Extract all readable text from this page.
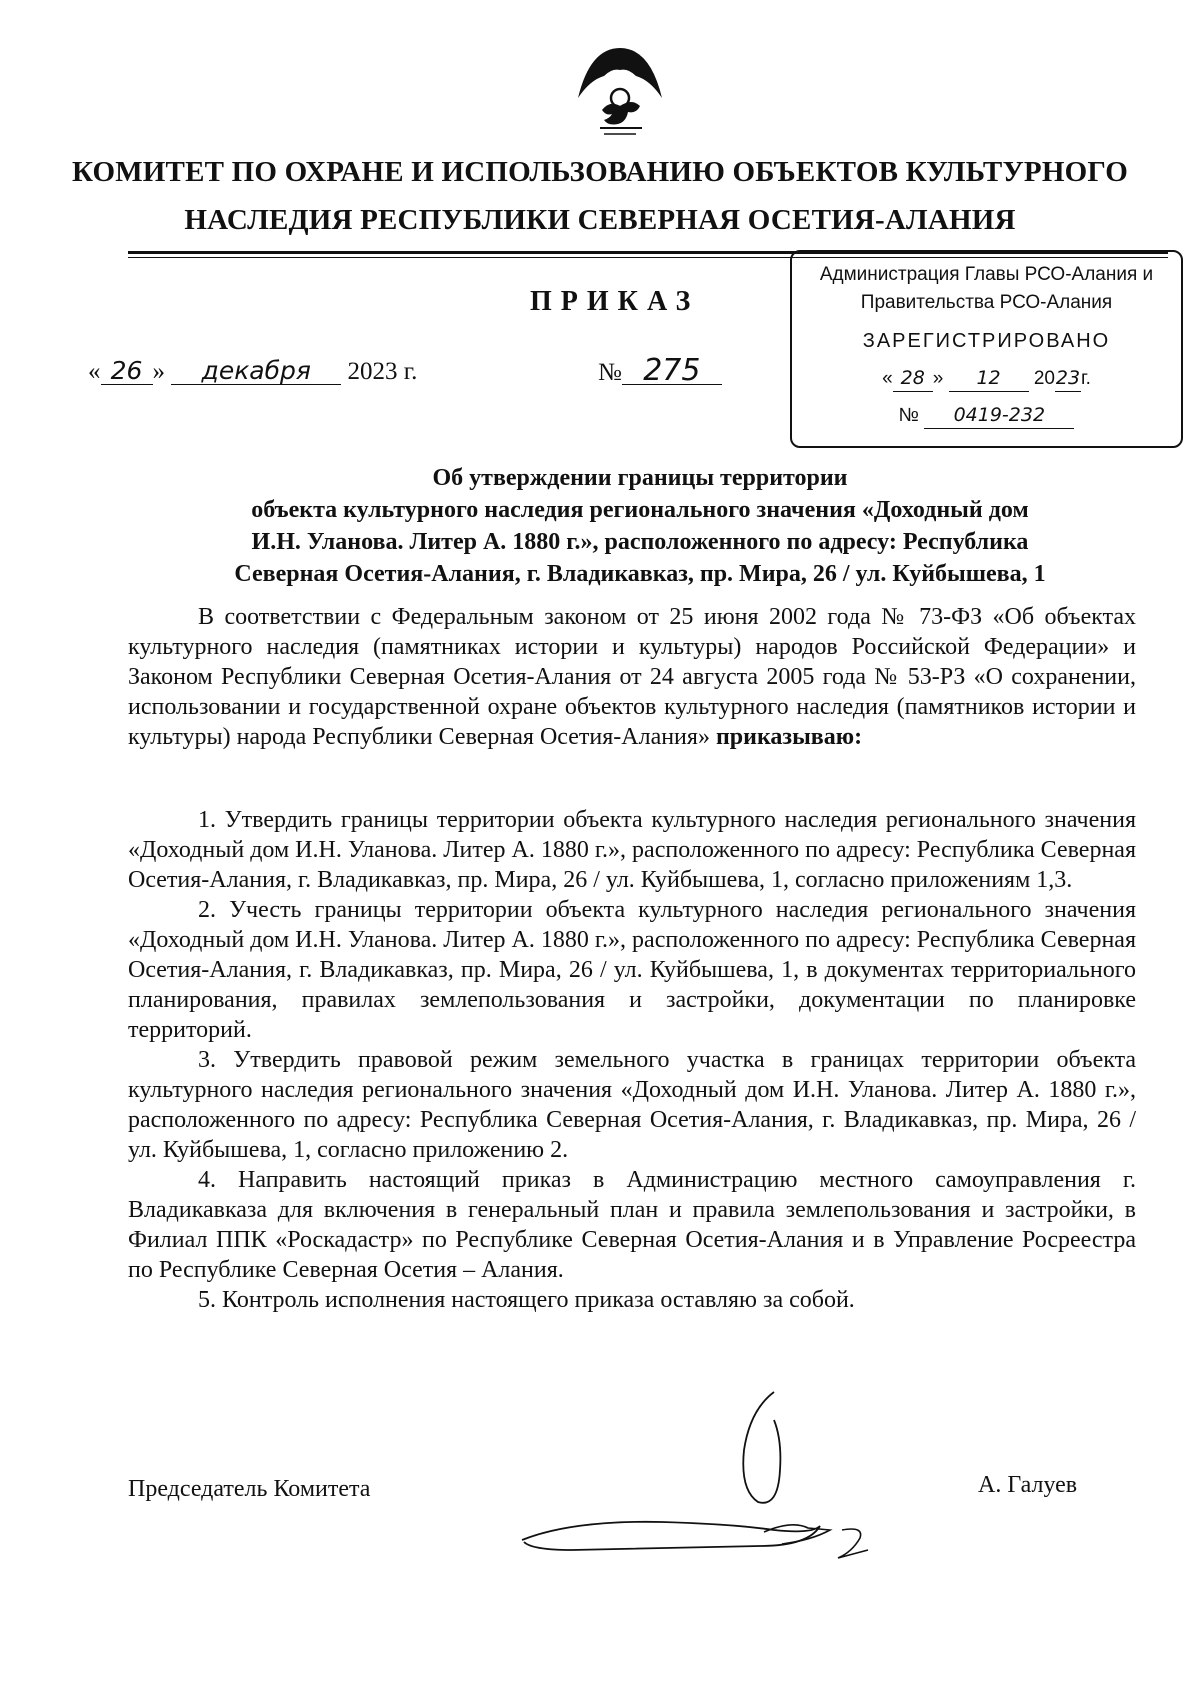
КОМИТЕТ ПО ОХРАНЕ И ИСПОЛЬЗОВАНИЮ ОБЪЕКТОВ КУЛЬТУРНОГО
НАСЛЕДИЯ РЕСПУБЛИКИ СЕВЕРНАЯ ОСЕТИЯ-АЛАНИЯ
ПРИКАЗ
« 26 » декабря 2023 г.	№ 275
Администрация Главы РСО-Алания и
Правительства РСО-Алания
ЗАРЕГИСТРИРОВАНО
« 28 » 12 2023г.
№ 0419-232
Об утверждении границы территории
объекта культурного наследия регионального значения «Доходный дом
И.Н. Уланова. Литер А. 1880 г.», расположенного по адресу: Республика
Северная Осетия-Алания, г. Владикавказ, пр. Мира, 26 / ул. Куйбышева, 1

В соответствии с Федеральным законом от 25 июня 2002 года № 73-ФЗ «Об объектах культурного наследия (памятниках истории и культуры) народов Российской Федерации» и Законом Республики Северная Осетия-Алания от 24 августа 2005 года № 53-РЗ «О сохранении, использовании и государственной охране объектов культурного наследия (памятников истории и культуры) народа Республики Северная Осетия-Алания» приказываю:

1. Утвердить границы территории объекта культурного наследия регионального значения «Доходный дом И.Н. Уланова. Литер А. 1880 г.», расположенного по адресу: Республика Северная Осетия-Алания, г. Владикавказ, пр. Мира, 26 / ул. Куйбышева, 1, согласно приложениям 1,3.

2. Учесть границы территории объекта культурного наследия регионального значения «Доходный дом И.Н. Уланова. Литер А. 1880 г.», расположенного по адресу: Республика Северная Осетия-Алания, г. Владикавказ, пр. Мира, 26 / ул. Куйбышева, 1, в документах территориального планирования, правилах землепользования и застройки, документации по планировке территорий.

3. Утвердить правовой режим земельного участка в границах территории объекта культурного наследия регионального значения «Доходный дом И.Н. Уланова. Литер А. 1880 г.», расположенного по адресу: Республика Северная Осетия-Алания, г. Владикавказ, пр. Мира, 26 / ул. Куйбышева, 1, согласно приложению 2.

4. Направить настоящий приказ в Администрацию местного самоуправления г. Владикавказа для включения в генеральный план и правила землепользования и застройки, в Филиал ППК «Роскадастр» по Республике Северная Осетия-Алания и в Управление Росреестра по Республике Северная Осетия – Алания.

5. Контроль исполнения настоящего приказа оставляю за собой.

Председатель Комитета	А. Галуев
